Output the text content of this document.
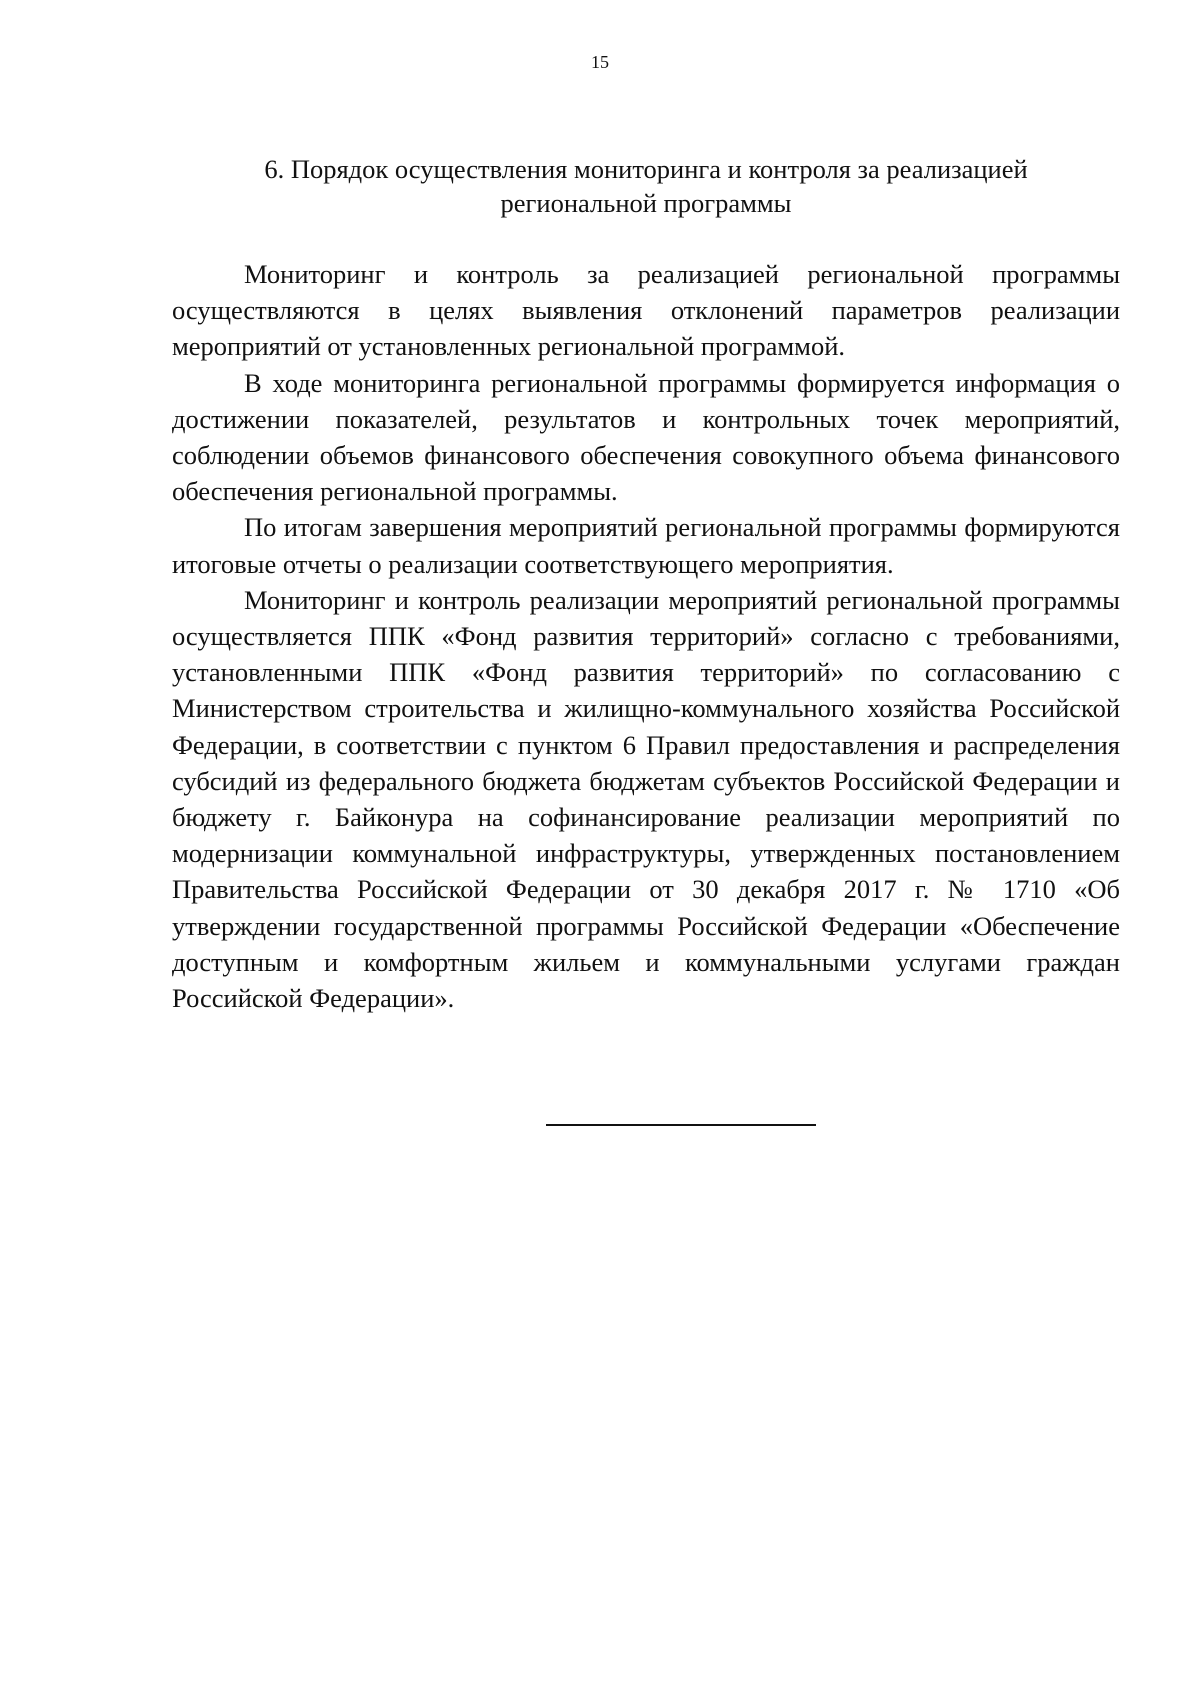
15
6. Порядок осуществления мониторинга и контроля за реализацией
региональной программы

Мониторинг и контроль за реализацией региональной программы осуществляются в целях выявления отклонений параметров реализации мероприятий от установленных региональной программой.

В ходе мониторинга региональной программы формируется информация о достижении показателей, результатов и контрольных точек мероприятий, соблюдении объемов финансового обеспечения совокупного объема финансового обеспечения региональной программы.

По итогам завершения мероприятий региональной программы формируются итоговые отчеты о реализации соответствующего мероприятия.

Мониторинг и контроль реализации мероприятий региональной программы осуществляется ППК «Фонд развития территорий» согласно с требованиями, установленными ППК «Фонд развития территорий» по согласованию с Министерством строительства и жилищно-коммунального хозяйства Российской Федерации, в соответствии с пунктом 6 Правил предоставления и распределения субсидий из федерального бюджета бюджетам субъектов Российской Федерации и бюджету г. Байконура на софинансирование реализации мероприятий по модернизации коммунальной инфраструктуры, утвержденных постановлением Правительства Российской Федерации от 30 декабря 2017 г. № 1710 «Об утверждении государственной программы Российской Федерации «Обеспечение доступным и комфортным жильем и коммунальными услугами граждан Российской Федерации».
